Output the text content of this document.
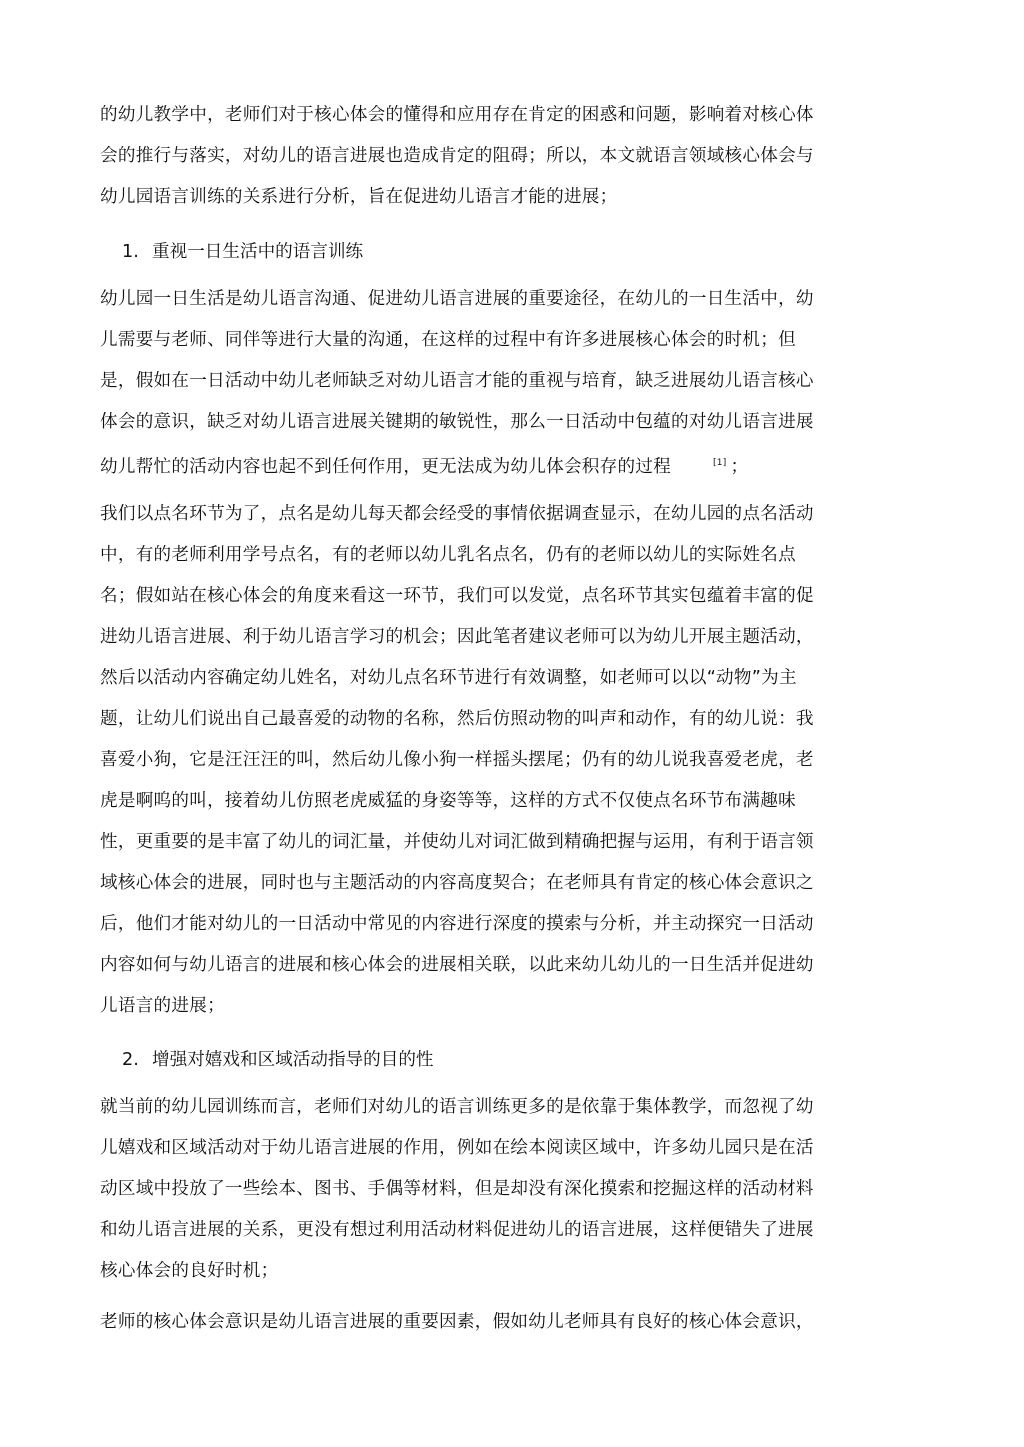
的幼儿教学中，老师们对于核心体会的懂得和应用存在肯定的困惑和问题，影响着对核心体
会的推行与落实，对幼儿的语言进展也造成肯定的阻碍；所以，本文就语言领域核心体会与
幼儿园语言训练的关系进行分析，旨在促进幼儿语言才能的进展；
1. 重视一日生活中的语言训练
幼儿园一日生活是幼儿语言沟通、促进幼儿语言进展的重要途径，在幼儿的一日生活中，幼
儿需要与老师、同伴等进行大量的沟通，在这样的过程中有许多进展核心体会的时机；但
是，假如在一日活动中幼儿老师缺乏对幼儿语言才能的重视与培育，缺乏进展幼儿语言核心
体会的意识，缺乏对幼儿语言进展关键期的敏锐性，那么一日活动中包蕴的对幼儿语言进展
幼儿帮忙的活动内容也起不到任何作用，更无法成为幼儿体会积存的过程	[1] ；
我们以点名环节为了，点名是幼儿每天都会经受的事情依据调查显示，在幼儿园的点名活动
中，有的老师利用学号点名，有的老师以幼儿乳名点名，仍有的老师以幼儿的实际姓名点
名；假如站在核心体会的角度来看这一环节，我们可以发觉，点名环节其实包蕴着丰富的促
进幼儿语言进展、利于幼儿语言学习的机会；因此笔者建议老师可以为幼儿开展主题活动，
然后以活动内容确定幼儿姓名，对幼儿点名环节进行有效调整，如老师可以以“动物”为主
题，让幼儿们说出自己最喜爱的动物的名称，然后仿照动物的叫声和动作，有的幼儿说：我
喜爱小狗，它是汪汪汪的叫，然后幼儿像小狗一样摇头摆尾；仍有的幼儿说我喜爱老虎，老
虎是啊呜的叫，接着幼儿仿照老虎威猛的身姿等等，这样的方式不仅使点名环节布满趣味
性，更重要的是丰富了幼儿的词汇量，并使幼儿对词汇做到精确把握与运用，有利于语言领
域核心体会的进展，同时也与主题活动的内容高度契合；在老师具有肯定的核心体会意识之
后，他们才能对幼儿的一日活动中常见的内容进行深度的摸索与分析，并主动探究一日活动
内容如何与幼儿语言的进展和核心体会的进展相关联，以此来幼儿幼儿的一日生活并促进幼
儿语言的进展；
2. 增强对嬉戏和区域活动指导的目的性
就当前的幼儿园训练而言，老师们对幼儿的语言训练更多的是依靠于集体教学，而忽视了幼
儿嬉戏和区域活动对于幼儿语言进展的作用，例如在绘本阅读区域中，许多幼儿园只是在活
动区域中投放了一些绘本、图书、手偶等材料，但是却没有深化摸索和挖掘这样的活动材料
和幼儿语言进展的关系，更没有想过利用活动材料促进幼儿的语言进展，这样便错失了进展
核心体会的良好时机；
老师的核心体会意识是幼儿语言进展的重要因素，假如幼儿老师具有良好的核心体会意识，
